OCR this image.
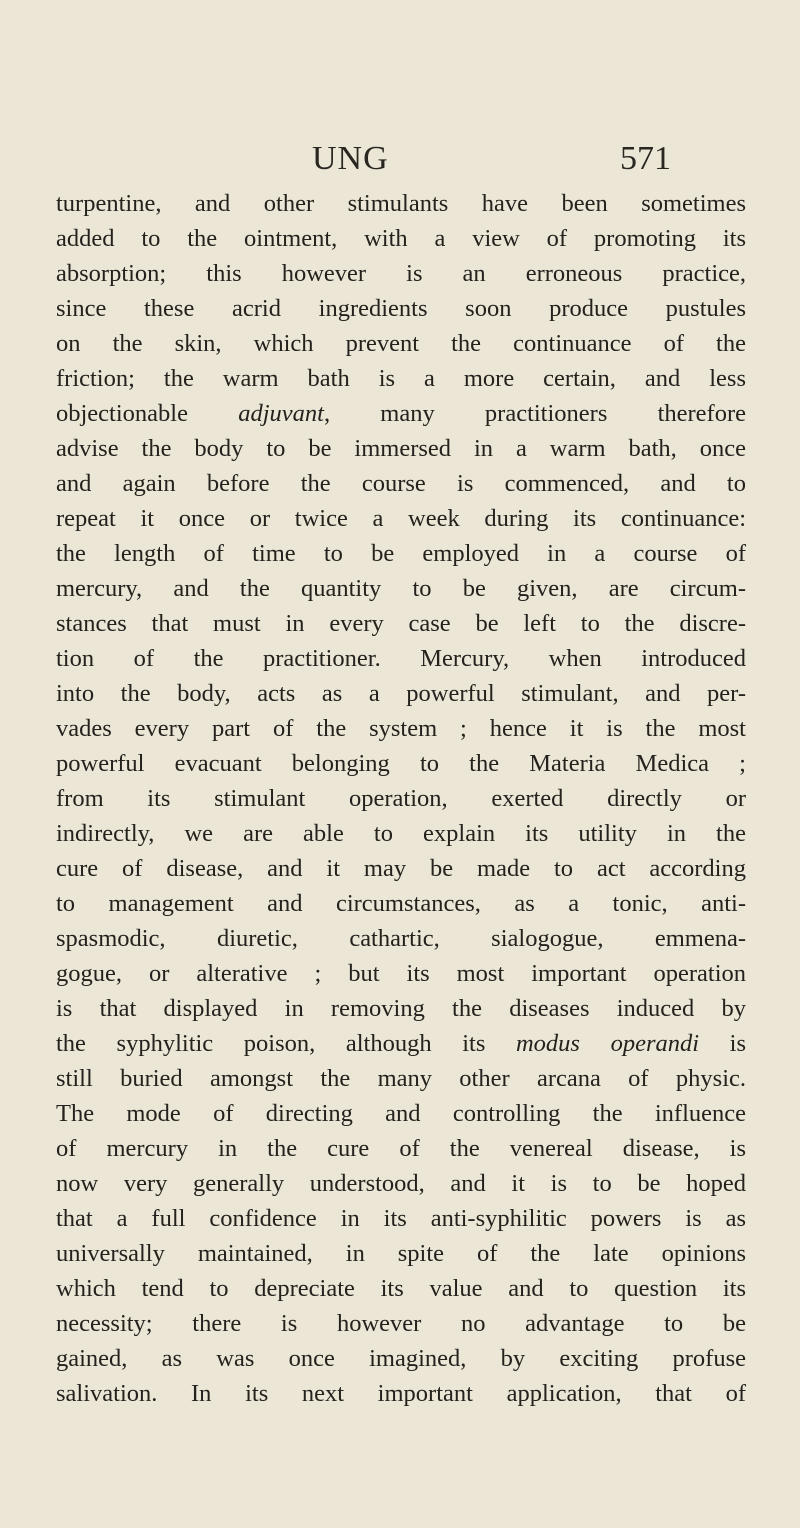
UNG	571
turpentine, and other stimulants have been sometimes
added to the ointment, with a view of promoting its
absorption; this however is an erroneous practice,
since these acrid ingredients soon produce pustules
on the skin, which prevent the continuance of the
friction; the warm bath is a more certain, and less
objectionable adjuvant, many practitioners therefore
advise the body to be immersed in a warm bath, once
and again before the course is commenced, and to
repeat it once or twice a week during its continuance:
the length of time to be employed in a course of
mercury, and the quantity to be given, are circum-
stances that must in every case be left to the discre-
tion of the practitioner. Mercury, when introduced
into the body, acts as a powerful stimulant, and per-
vades every part of the system ; hence it is the most
powerful evacuant belonging to the Materia Medica ;
from its stimulant operation, exerted directly or
indirectly, we are able to explain its utility in the
cure of disease, and it may be made to act according
to management and circumstances, as a tonic, anti-
spasmodic, diuretic, cathartic, sialogogue, emmena-
gogue, or alterative ; but its most important operation
is that displayed in removing the diseases induced by
the syphylitic poison, although its modus operandi is
still buried amongst the many other arcana of physic.
The mode of directing and controlling the influence
of mercury in the cure of the venereal disease, is
now very generally understood, and it is to be hoped
that a full confidence in its anti-syphilitic powers is as
universally maintained, in spite of the late opinions
which tend to depreciate its value and to question its
necessity; there is however no advantage to be
gained, as was once imagined, by exciting profuse
salivation. In its next important application, that of
